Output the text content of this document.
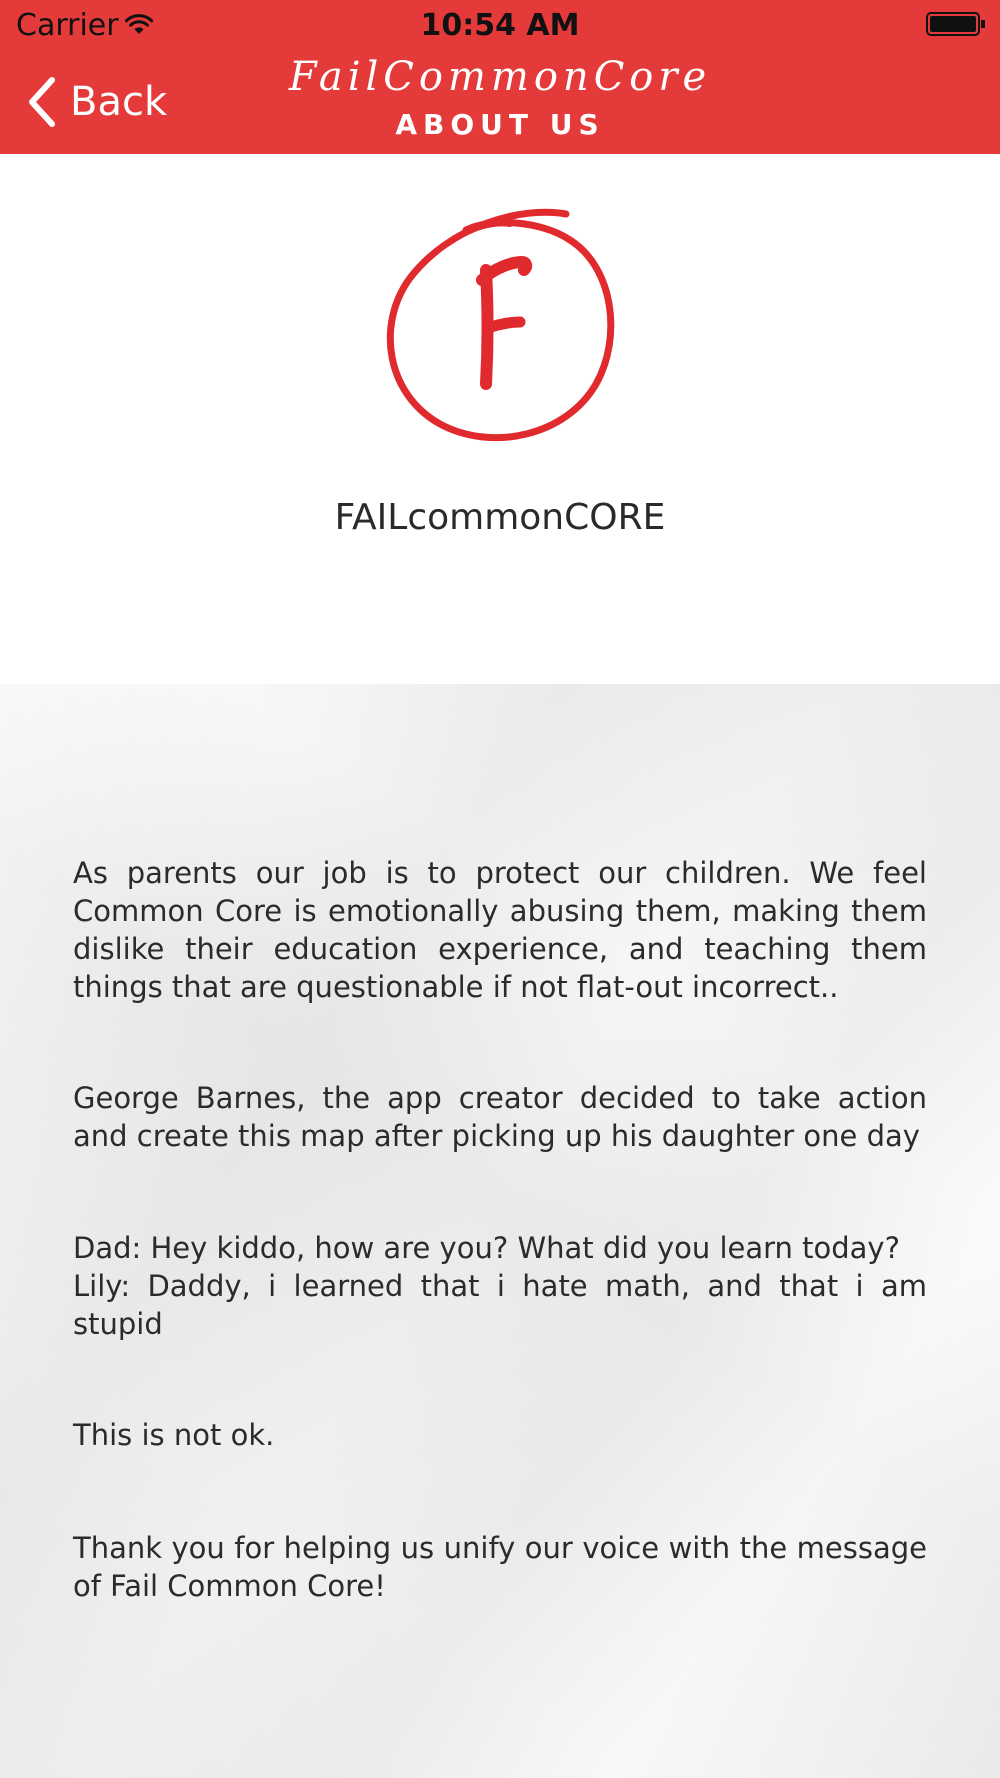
Carrier	10:54 AM
Back
FailCommonCore
ABOUT US
FAILcommonCORE

As parents our job is to protect our children. We feel Common Core is emotionally abusing them, making them dislike their education experience, and teaching them things that are questionable if not flat-out incorrect..

George Barnes, the app creator decided to take action and create this map after picking up his daughter one day

Dad: Hey kiddo, how are you? What did you learn today?
Lily: Daddy, i learned that i hate math, and that i am stupid

This is not ok.

Thank you for helping us unify our voice with the message of Fail Common Core!
